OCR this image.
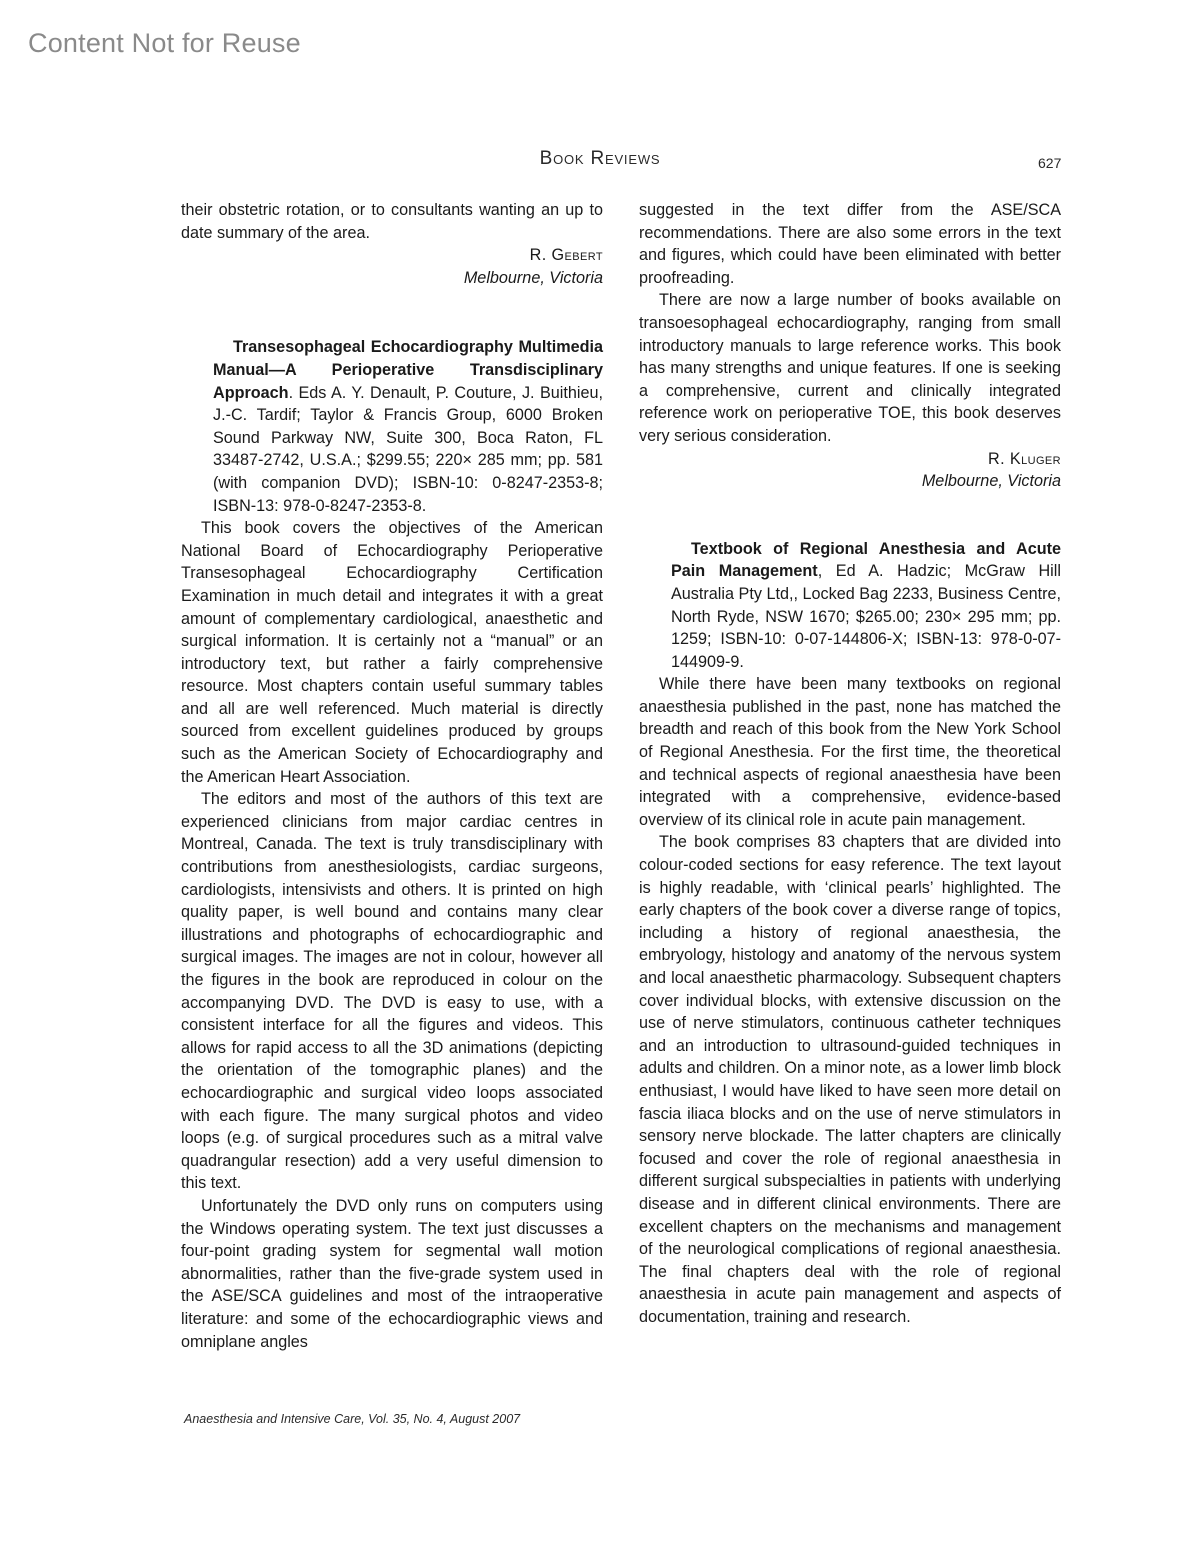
Content Not for Reuse
Book Reviews	627

their obstetric rotation, or to consultants wanting an up to date summary of the area.

R. Gebert
Melbourne, Victoria

Transesophageal Echocardiography Multimedia Manual—A Perioperative Transdisciplinary Approach. Eds A. Y. Denault, P. Couture, J. Buithieu, J.-C. Tardif; Taylor & Francis Group, 6000 Broken Sound Parkway NW, Suite 300, Boca Raton, FL 33487-2742, U.S.A.; $299.55; 220× 285 mm; pp. 581 (with companion DVD); ISBN-10: 0-8247-2353-8; ISBN-13: 978-0-8247-2353-8.

This book covers the objectives of the American National Board of Echocardiography Perioperative Transesophageal Echocardiography Certification Examination in much detail and integrates it with a great amount of complementary cardiological, anaesthetic and surgical information. It is certainly not a “manual” or an introductory text, but rather a fairly comprehensive resource. Most chapters contain useful summary tables and all are well referenced. Much material is directly sourced from excellent guidelines produced by groups such as the American Society of Echocardiography and the American Heart Association.

The editors and most of the authors of this text are experienced clinicians from major cardiac centres in Montreal, Canada. The text is truly transdisciplinary with contributions from anesthesiologists, cardiac surgeons, cardiologists, intensivists and others. It is printed on high quality paper, is well bound and contains many clear illustrations and photographs of echocardiographic and surgical images. The images are not in colour, however all the figures in the book are reproduced in colour on the accompanying DVD. The DVD is easy to use, with a consistent interface for all the figures and videos. This allows for rapid access to all the 3D animations (depicting the orientation of the tomographic planes) and the echocardiographic and surgical video loops associated with each figure. The many surgical photos and video loops (e.g. of surgical procedures such as a mitral valve quadrangular resection) add a very useful dimension to this text.

Unfortunately the DVD only runs on computers using the Windows operating system. The text just discusses a four-point grading system for segmental wall motion abnormalities, rather than the five-grade system used in the ASE/SCA guidelines and most of the intraoperative literature: and some of the echocardiographic views and omniplane angles

suggested in the text differ from the ASE/SCA recommendations. There are also some errors in the text and figures, which could have been eliminated with better proofreading.

There are now a large number of books available on transoesophageal echocardiography, ranging from small introductory manuals to large reference works. This book has many strengths and unique features. If one is seeking a comprehensive, current and clinically integrated reference work on perioperative TOE, this book deserves very serious consideration.

R. Kluger
Melbourne, Victoria

Textbook of Regional Anesthesia and Acute Pain Management, Ed A. Hadzic; McGraw Hill Australia Pty Ltd,, Locked Bag 2233, Business Centre, North Ryde, NSW 1670; $265.00; 230× 295 mm; pp. 1259; ISBN-10: 0-07-144806-X; ISBN-13: 978-0-07-144909-9.

While there have been many textbooks on regional anaesthesia published in the past, none has matched the breadth and reach of this book from the New York School of Regional Anesthesia. For the first time, the theoretical and technical aspects of regional anaesthesia have been integrated with a comprehensive, evidence-based overview of its clinical role in acute pain management.

The book comprises 83 chapters that are divided into colour-coded sections for easy reference. The text layout is highly readable, with ‘clinical pearls’ highlighted. The early chapters of the book cover a diverse range of topics, including a history of regional anaesthesia, the embryology, histology and anatomy of the nervous system and local anaesthetic pharmacology. Subsequent chapters cover individual blocks, with extensive discussion on the use of nerve stimulators, continuous catheter techniques and an introduction to ultrasound-guided techniques in adults and children. On a minor note, as a lower limb block enthusiast, I would have liked to have seen more detail on fascia iliaca blocks and on the use of nerve stimulators in sensory nerve blockade. The latter chapters are clinically focused and cover the role of regional anaesthesia in different surgical subspecialties in patients with underlying disease and in different clinical environments. There are excellent chapters on the mechanisms and management of the neurological complications of regional anaesthesia. The final chapters deal with the role of regional anaesthesia in acute pain management and aspects of documentation, training and research.

Anaesthesia and Intensive Care, Vol. 35, No. 4, August 2007
